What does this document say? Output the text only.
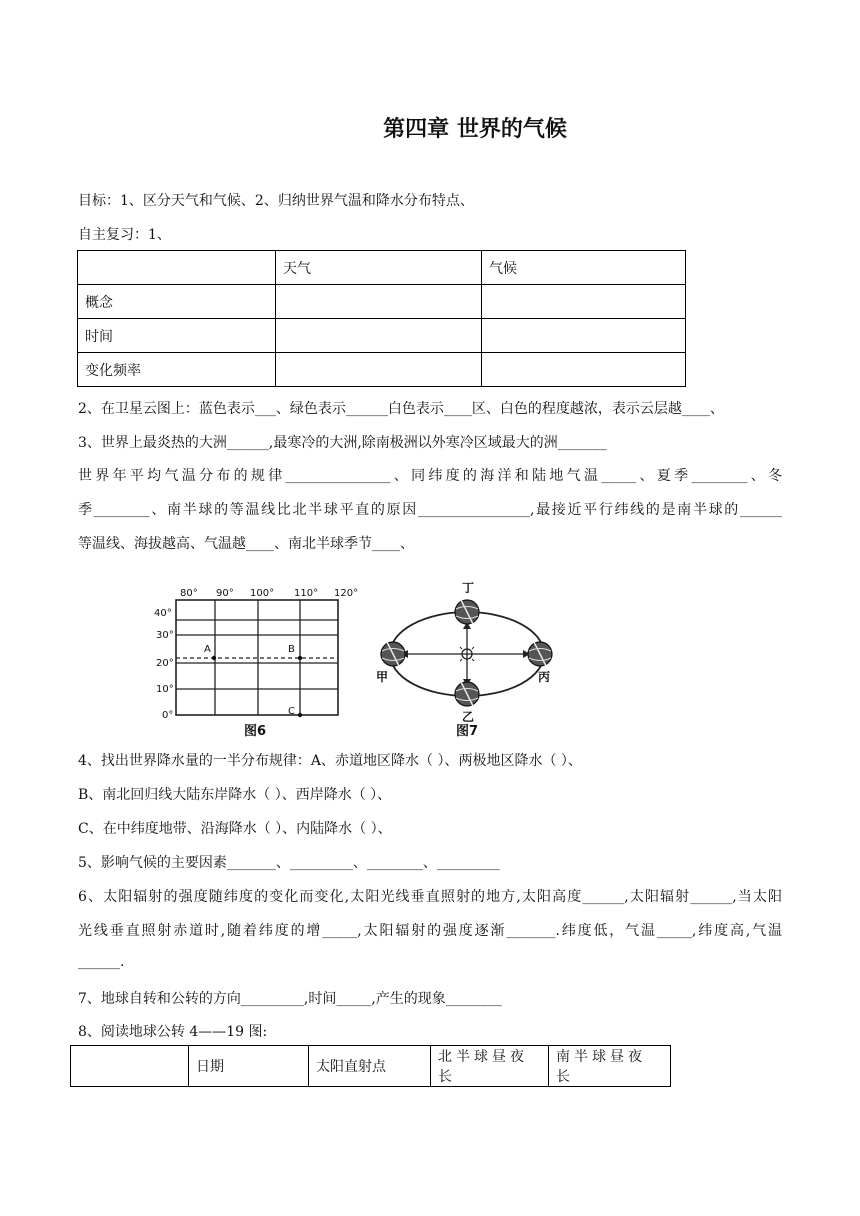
第四章 世界的气候
目标：1、区分天气和气候、2、归纳世界气温和降水分布特点、
自主复习：1、
	天气	气候
概念		
时间		
变化频率		
2、在卫星云图上：蓝色表示___、绿色表示______白色表示____区、白色的程度越浓，表示云层越____、
3、世界上最炎热的大洲______,最寒冷的大洲,除南极洲以外寒冷区域最大的洲_______
世界年平均气温分布的规律_______________、同纬度的海洋和陆地气温_____、夏季________、冬
季________、南半球的等温线比北半球平直的原因________________,最接近平行纬线的是南半球的______
等温线、海拔越高、气温越____、南北半球季节____、
80° 90° 100° 110° 120°
40°
30°
20°
10°
0°
A	B
C
图6
丁
甲	丙
乙
图7
4、找出世界降水量的一半分布规律：A、赤道地区降水（ ）、两极地区降水（ ）、
B、南北回归线大陆东岸降水（ ）、西岸降水（ ）、
C、在中纬度地带、沿海降水（ ）、内陆降水（ ）、
5、影响气候的主要因素_______、_________、________、_________
6、太阳辐射的强度随纬度的变化而变化,太阳光线垂直照射的地方,太阳高度______,太阳辐射______,当太阳
光线垂直照射赤道时,随着纬度的增_____,太阳辐射的强度逐渐_______.纬度低，气温_____,纬度高,气温
______.
7、地球自转和公转的方向_________,时间_____,产生的现象________
8、阅读地球公转 4——19 图:
	日期	太阳直射点	北半球昼夜长	南半球昼夜长
